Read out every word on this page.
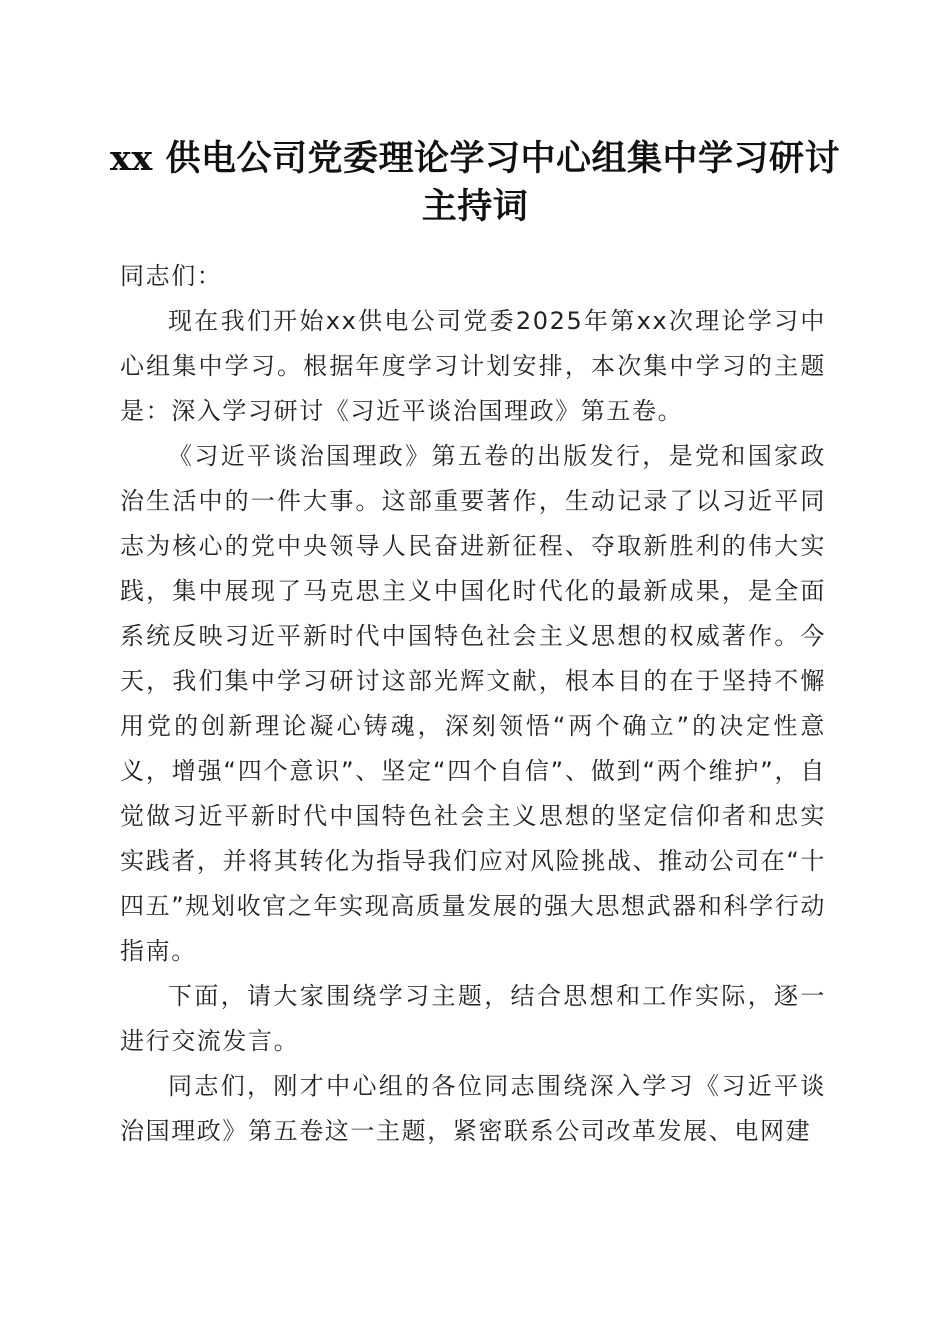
xx 供电公司党委理论学习中心组集中学习研讨主持词

同志们：

现在我们开始xx供电公司党委2025年第xx次理论学习中心组集中学习。根据年度学习计划安排，本次集中学习的主题是：深入学习研讨《习近平谈治国理政》第五卷。

《习近平谈治国理政》第五卷的出版发行，是党和国家政治生活中的一件大事。这部重要著作，生动记录了以习近平同志为核心的党中央领导人民奋进新征程、夺取新胜利的伟大实践，集中展现了马克思主义中国化时代化的最新成果，是全面系统反映习近平新时代中国特色社会主义思想的权威著作。今天，我们集中学习研讨这部光辉文献，根本目的在于坚持不懈用党的创新理论凝心铸魂，深刻领悟“两个确立”的决定性意义，增强“四个意识”、坚定“四个自信”、做到“两个维护”，自觉做习近平新时代中国特色社会主义思想的坚定信仰者和忠实实践者，并将其转化为指导我们应对风险挑战、推动公司在“十四五”规划收官之年实现高质量发展的强大思想武器和科学行动指南。

下面，请大家围绕学习主题，结合思想和工作实际，逐一进行交流发言。

同志们，刚才中心组的各位同志围绕深入学习《习近平谈治国理政》第五卷这一主题，紧密联系公司改革发展、电网建
